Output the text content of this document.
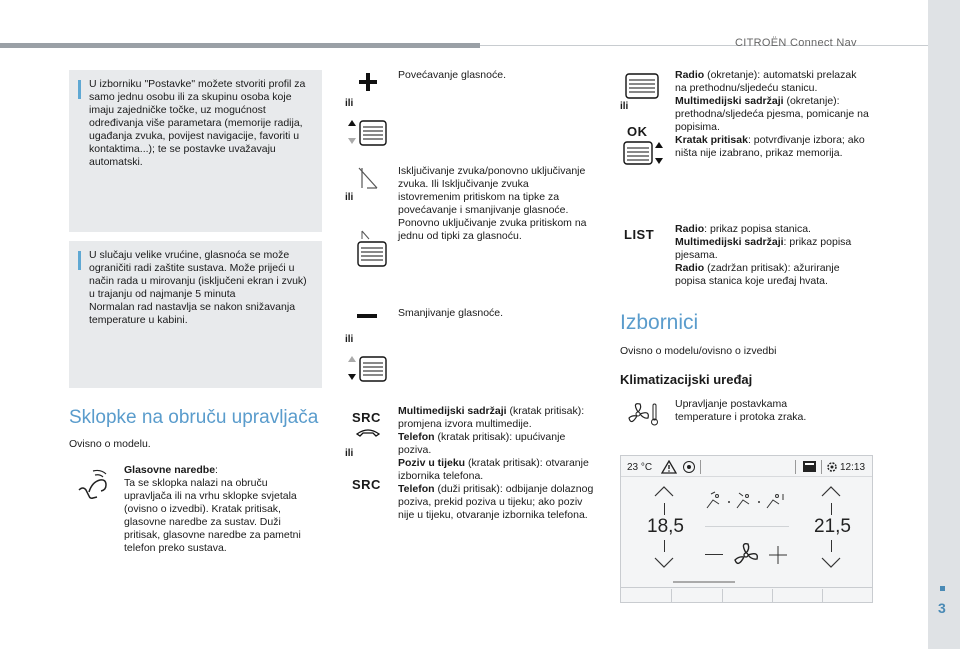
CITROËN Connect Nav
3

U izborniku "Postavke" možete stvoriti profil za samo jednu osobu ili za skupinu osoba koje imaju zajedničke točke, uz mogućnost određivanja više parametara (memorije radija, ugađanja zvuka, povijest navigacije, favoriti u kontaktima...); te se postavke uvažavaju automatski.

U slučaju velike vrućine, glasnoća se može ograničiti radi zaštite sustava. Može prijeći u način rada u mirovanju (isključeni ekran i zvuk) u trajanju od najmanje 5 minuta

Normalan rad nastavlja se nakon snižavanja temperature u kabini.

Sklopke na obruču upravljača
Ovisno o modelu.
Glasovne naredbe:
Ta se sklopka nalazi na obruču upravljača ili na vrhu sklopke svjetala (ovisno o izvedbi). Kratak pritisak, glasovne naredbe za sustav. Duži pritisak, glasovne naredbe za pametni telefon preko sustava.
ili
Povećavanje glasnoće.
ili
Isključivanje zvuka/ponovno uključivanje zvuka. Ili Isključivanje zvuka istovremenim pritiskom na tipke za povećavanje i smanjivanje glasnoće. Ponovno uključivanje zvuka pritiskom na jednu od tipki za glasnoću.
ili
Smanjivanje glasnoće.
SRC
ili
SRC
Multimedijski sadržaji (kratak pritisak): promjena izvora multimedije.
Telefon (kratak pritisak): upućivanje poziva.
Poziv u tijeku (kratak pritisak): otvaranje izbornika telefona.
Telefon (duži pritisak): odbijanje dolaznog poziva, prekid poziva u tijeku; ako poziv nije u tijeku, otvaranje izbornika telefona.
ili
OK
Radio (okretanje): automatski prelazak na prethodnu/sljedeću stanicu.
Multimedijski sadržaji (okretanje): prethodna/sljedeća pjesma, pomicanje na popisima.
Kratak pritisak: potvrđivanje izbora; ako ništa nije izabrano, prikaz memorija.
LIST Radio: prikaz popisa stanica.
Multimedijski sadržaji: prikaz popisa pjesama.
Radio (zadržan pritisak): ažuriranje popisa stanica koje uređaj hvata.
Izbornici
Ovisno o modelu/ovisno o izvedbi
Klimatizacijski uređaj
Upravljanje postavkama temperature i protoka zraka.
23 °C	12:13
18,5	21,5
